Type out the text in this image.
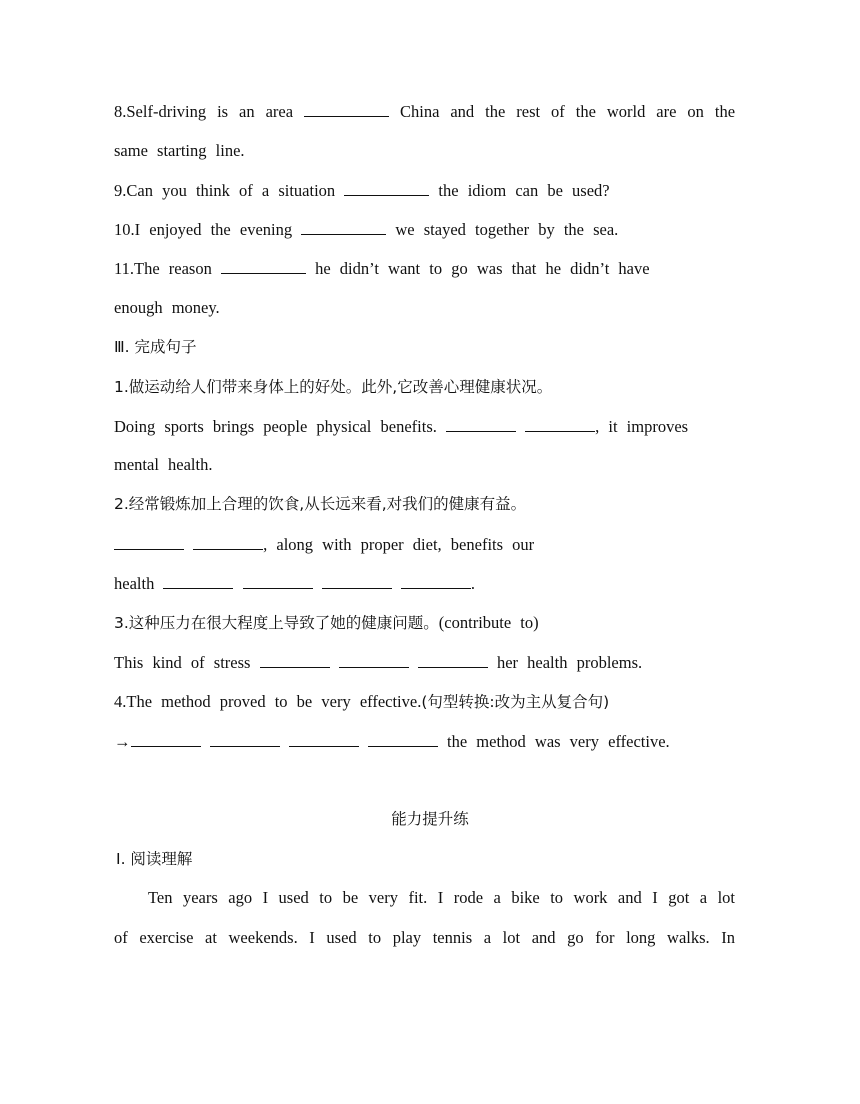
8.Self-driving is an area	China and the rest of the world are on the
same starting line.
9.Can you think of a situation	the idiom can be used?
10.I enjoyed the evening	we stayed together by the sea.
11.The reason	he didn’t want to go was that he didn’t have
enough money.
Ⅲ. 完成句子
1.做运动给人们带来身体上的好处。此外,它改善心理健康状况。
Doing sports brings people physical benefits.	, it improves
mental health.
2.经常锻炼加上合理的饮食,从长远来看,对我们的健康有益。
, along with proper diet, benefits our
health	.
3.这种压力在很大程度上导致了她的健康问题。(contribute to)
This kind of stress	her health problems.
4.The method proved to be very effective.(句型转换:改为主从复合句)
→	the method was very effective.
能力提升练
Ⅰ. 阅读理解
Ten years ago I used to be very fit. I rode a bike to work and I got a lot
of exercise at weekends. I used to play tennis a lot and go for long walks. In
